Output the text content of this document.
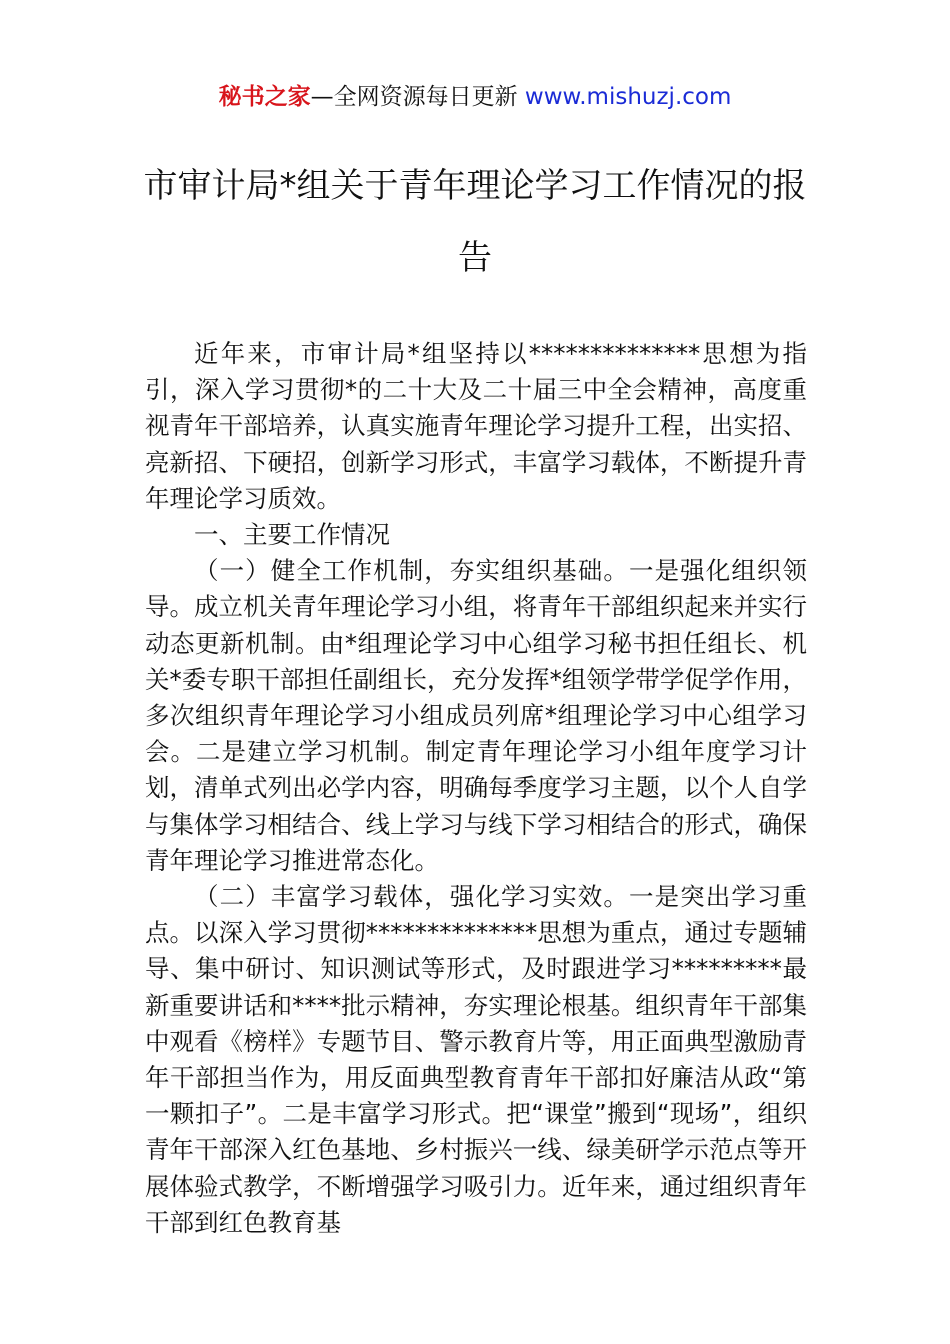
秘书之家—全网资源每日更新 www.mishuzj.com
市审计局*组关于青年理论学习工作情况的报告

近年来，市审计局*组坚持以**************思想为指引，深入学习贯彻*的二十大及二十届三中全会精神，高度重视青年干部培养，认真实施青年理论学习提升工程，出实招、亮新招、下硬招，创新学习形式，丰富学习载体，不断提升青年理论学习质效。

一、主要工作情况

（一）健全工作机制，夯实组织基础。一是强化组织领导。成立机关青年理论学习小组，将青年干部组织起来并实行动态更新机制。由*组理论学习中心组学习秘书担任组长、机关*委专职干部担任副组长，充分发挥*组领学带学促学作用，多次组织青年理论学习小组成员列席*组理论学习中心组学习会。二是建立学习机制。制定青年理论学习小组年度学习计划，清单式列出必学内容，明确每季度学习主题，以个人自学与集体学习相结合、线上学习与线下学习相结合的形式，确保青年理论学习推进常态化。

（二）丰富学习载体，强化学习实效。一是突出学习重点。以深入学习贯彻**************思想为重点，通过专题辅导、集中研讨、知识测试等形式，及时跟进学习*********最新重要讲话和****批示精神，夯实理论根基。组织青年干部集中观看《榜样》专题节目、警示教育片等，用正面典型激励青年干部担当作为，用反面典型教育青年干部扣好廉洁从政“第一颗扣子”。二是丰富学习形式。把“课堂”搬到“现场”，组织青年干部深入红色基地、乡村振兴一线、绿美研学示范点等开展体验式教学，不断增强学习吸引力。近年来，通过组织青年干部到红色教育基
